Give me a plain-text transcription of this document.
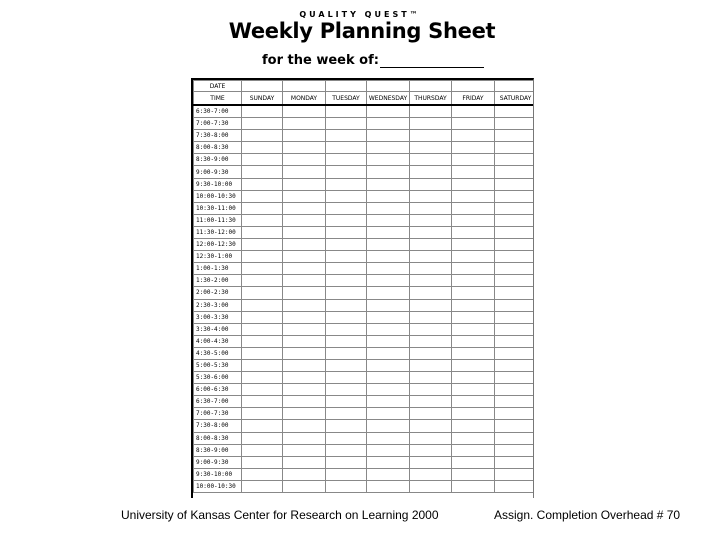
QUALITY QUEST™
Weekly Planning Sheet
for the week of:
DATE							
TIME	SUNDAY	MONDAY	TUESDAY	WEDNESDAY	THURSDAY	FRIDAY	SATURDAY
6:30-7:00							
7:00-7:30							
7:30-8:00							
8:00-8:30							
8:30-9:00							
9:00-9:30							
9:30-10:00							
10:00-10:30							
10:30-11:00							
11:00-11:30							
11:30-12:00							
12:00-12:30							
12:30-1:00							
1:00-1:30							
1:30-2:00							
2:00-2:30							
2:30-3:00							
3:00-3:30							
3:30-4:00							
4:00-4:30							
4:30-5:00							
5:00-5:30							
5:30-6:00							
6:00-6:30							
6:30-7:00							
7:00-7:30							
7:30-8:00							
8:00-8:30							
8:30-9:00							
9:00-9:30							
9:30-10:00							
10:00-10:30							
University of Kansas Center for Research on Learning 2000	Assign. Completion Overhead # 70
